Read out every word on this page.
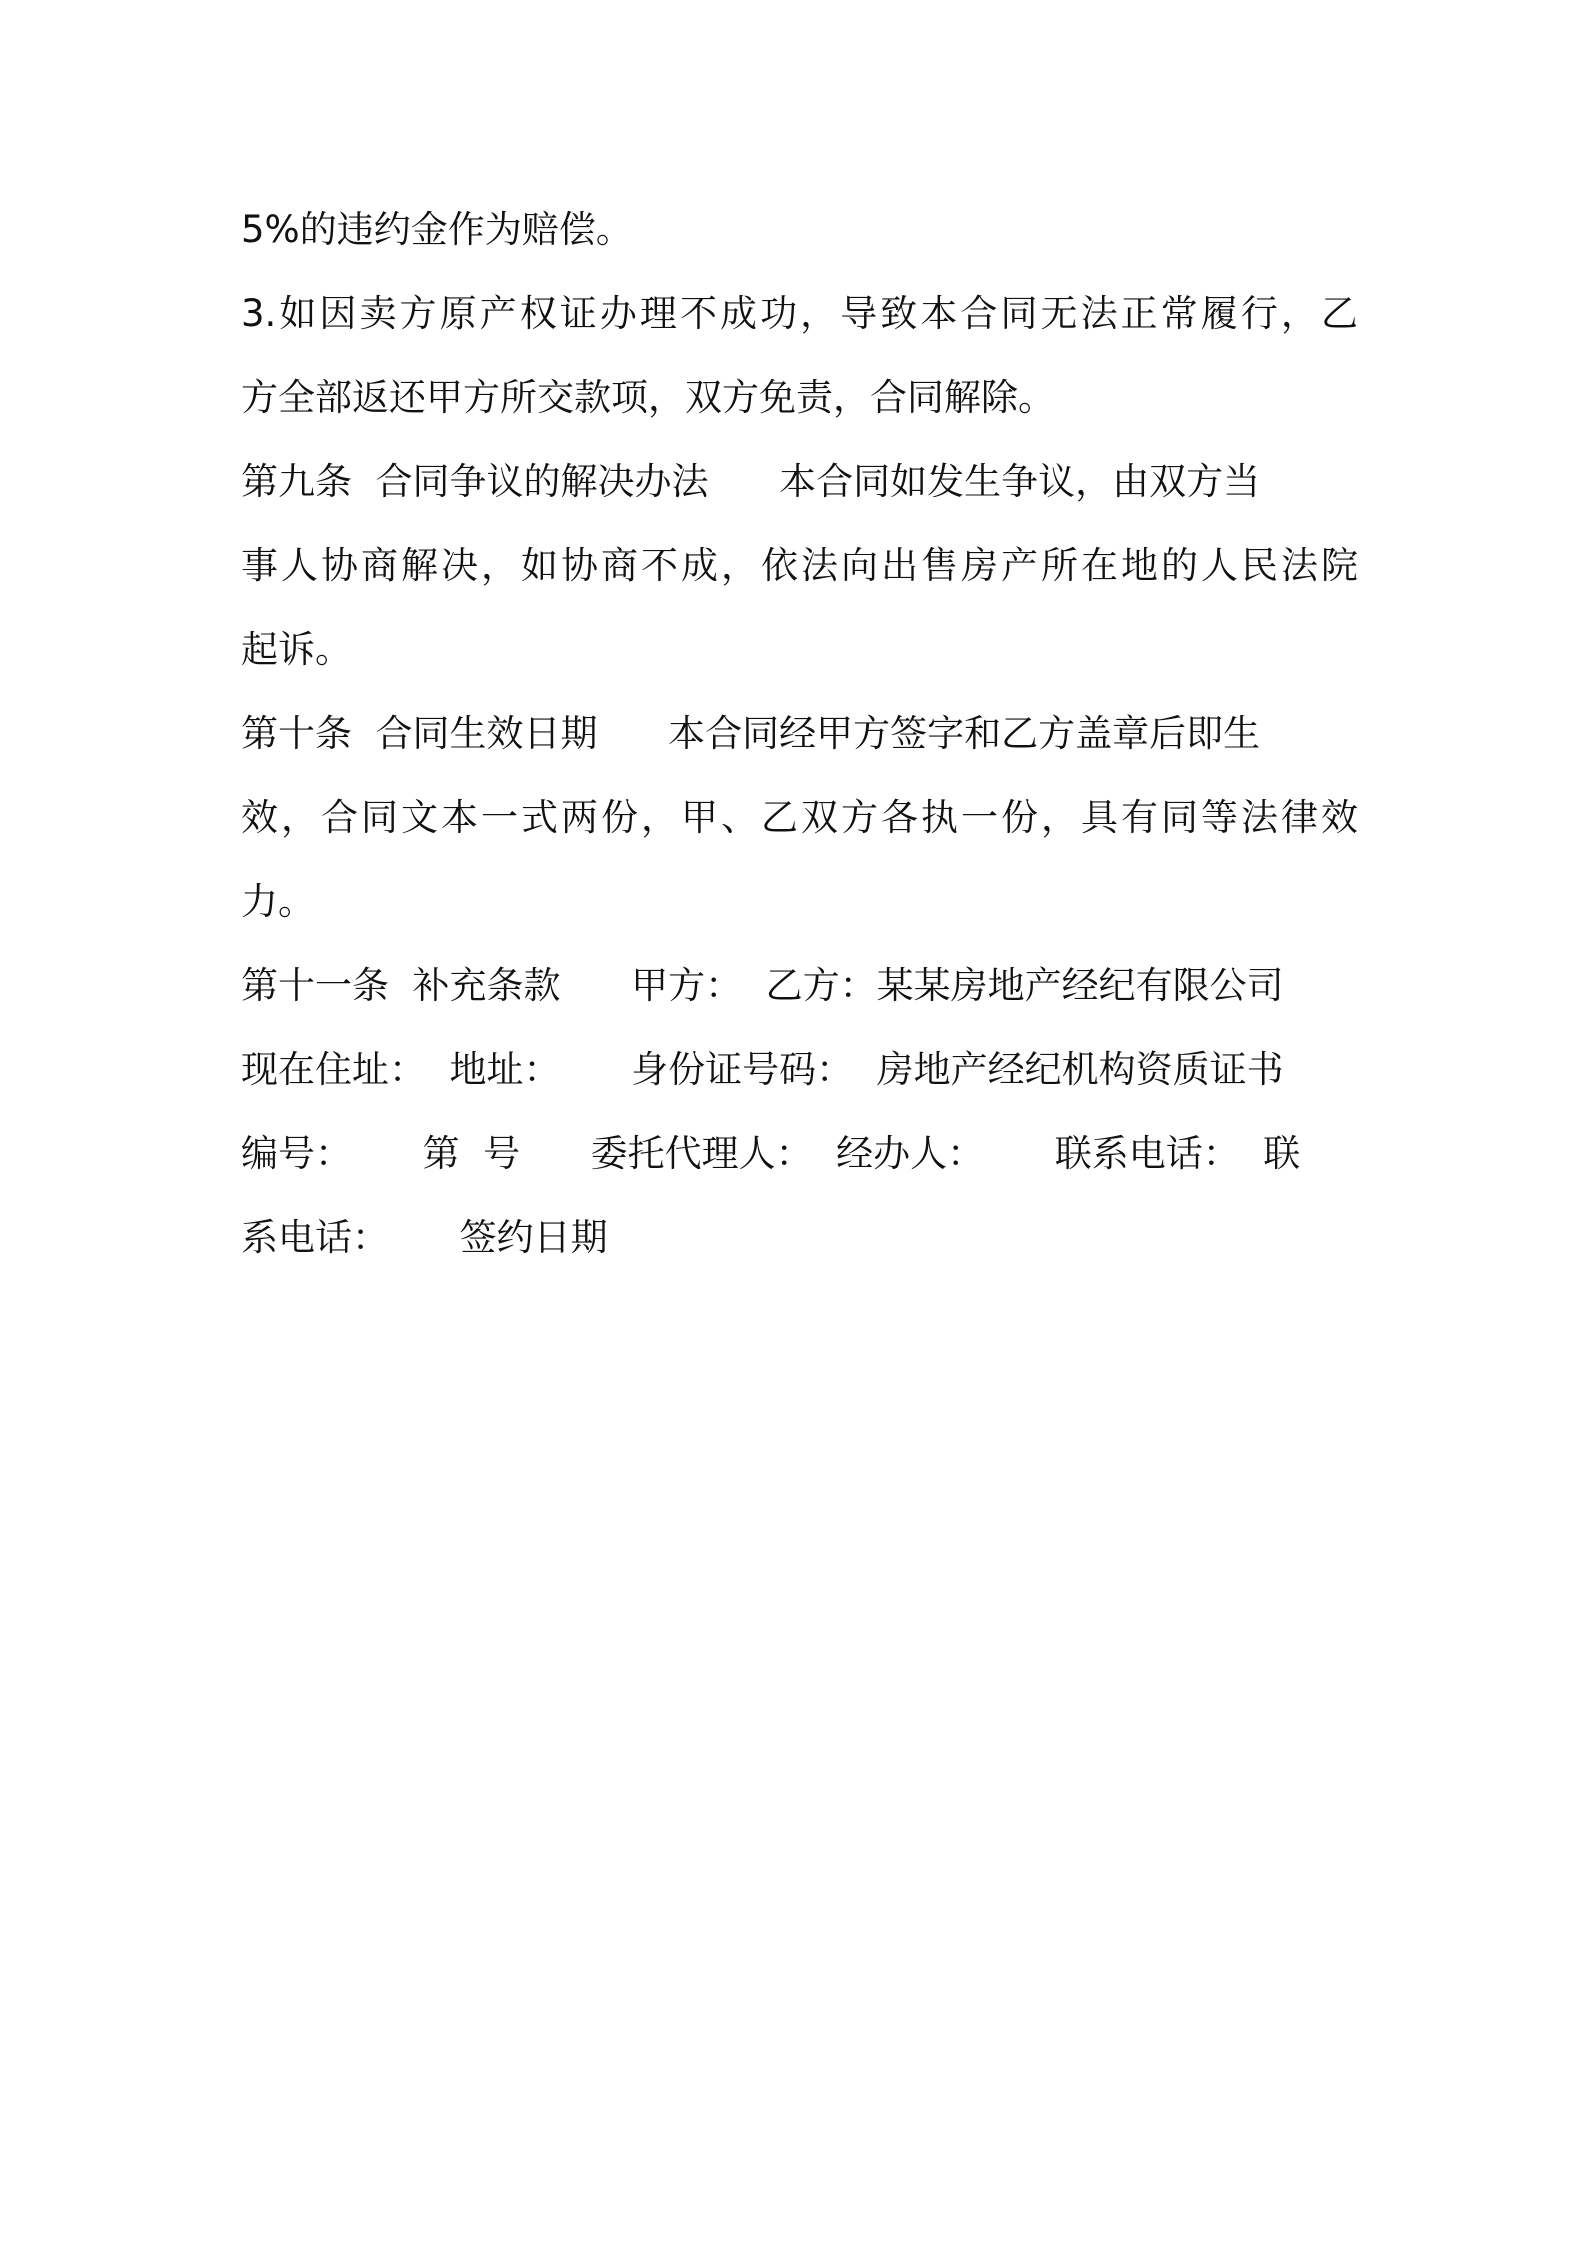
5%的违约金作为赔偿。
3.如因卖方原产权证办理不成功，导致本合同无法正常履行，乙
方全部返还甲方所交款项，双方免责，合同解除。
第九条  合同争议的解决办法      本合同如发生争议，由双方当
事人协商解决，如协商不成，依法向出售房产所在地的人民法院
起诉。
第十条  合同生效日期      本合同经甲方签字和乙方盖章后即生
效，合同文本一式两份，甲、乙双方各执一份，具有同等法律效
力。
第十一条  补充条款      甲方：  乙方：某某房地产经纪有限公司
现在住址：  地址：      身份证号码：  房地产经纪机构资质证书
编号：      第  号      委托代理人：  经办人：      联系电话：  联
系电话：      签约日期
